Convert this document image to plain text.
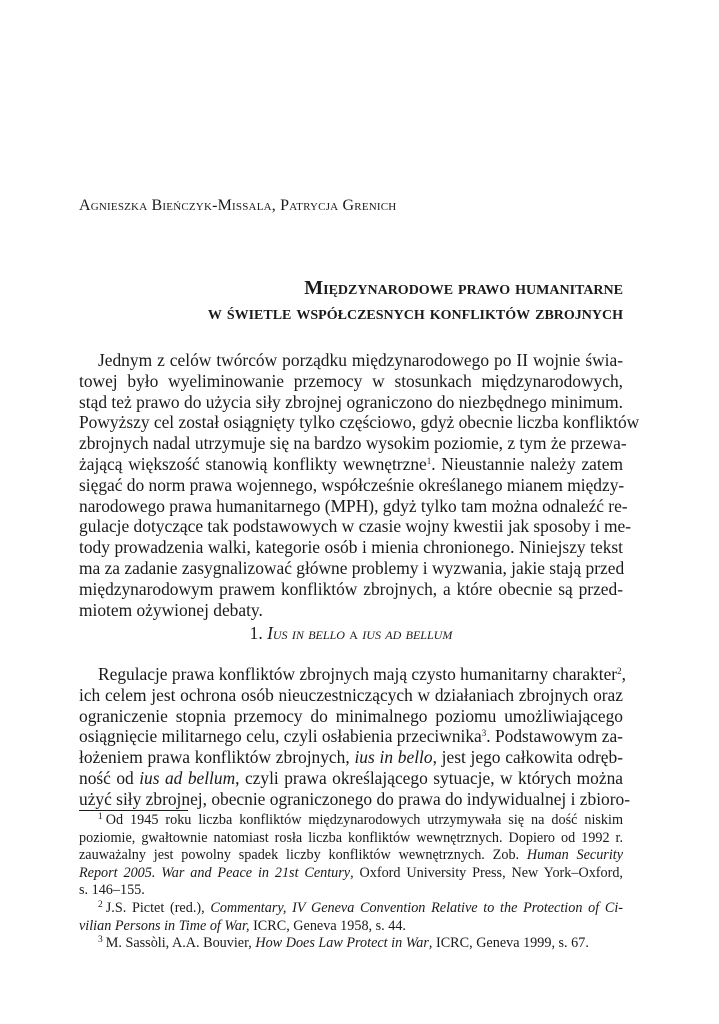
Agnieszka Bieńczyk-Missala, Patrycja Grenich
Międzynarodowe prawo humanitarne
w świetle współczesnych konfliktów zbrojnych
Jednym z celów twórców porządku międzynarodowego po II wojnie świa-
towej było wyeliminowanie przemocy w stosunkach międzynarodowych,
stąd też prawo do użycia siły zbrojnej ograniczono do niezbędnego minimum.
Powyższy cel został osiągnięty tylko częściowo, gdyż obecnie liczba konfliktów
zbrojnych nadal utrzymuje się na bardzo wysokim poziomie, z tym że przewa-
żającą większość stanowią konflikty wewnętrzne$^1$. Nieustannie należy zatem
sięgać do norm prawa wojennego, współcześnie określanego mianem między-
narodowego prawa humanitarnego (MPH), gdyż tylko tam można odnaleźć re-
gulacje dotyczące tak podstawowych w czasie wojny kwestii jak sposoby i me-
tody prowadzenia walki, kategorie osób i mienia chronionego. Niniejszy tekst
ma za zadanie zasygnalizować główne problemy i wyzwania, jakie stają przed
międzynarodowym prawem konfliktów zbrojnych, a które obecnie są przed-
miotem ożywionej debaty.
1. Ius in bello a ius ad bellum
Regulacje prawa konfliktów zbrojnych mają czysto humanitarny charakter$^2$,
ich celem jest ochrona osób nieuczestniczących w działaniach zbrojnych oraz
ograniczenie stopnia przemocy do minimalnego poziomu umożliwiającego
osiągnięcie militarnego celu, czyli osłabienia przeciwnika$^3$. Podstawowym za-
łożeniem prawa konfliktów zbrojnych, ius in bello, jest jego całkowita odręb-
ność od ius ad bellum, czyli prawa określającego sytuacje, w których można
użyć siły zbrojnej, obecnie ograniczonego do prawa do indywidualnej i zbioro-
$^1$ Od 1945 roku liczba konfliktów międzynarodowych utrzymywała się na dość niskim
poziomie, gwałtownie natomiast rosła liczba konfliktów wewnętrznych. Dopiero od 1992 r.
zauważalny jest powolny spadek liczby konfliktów wewnętrznych. Zob. Human Security
Report 2005. War and Peace in 21st Century, Oxford University Press, New York–Oxford,
s. 146–155.
$^2$ J.S. Pictet (red.), Commentary, IV Geneva Convention Relative to the Protection of Ci-
vilian Persons in Time of War, ICRC, Geneva 1958, s. 44.
$^3$ M. Sassòli, A.A. Bouvier, How Does Law Protect in War, ICRC, Geneva 1999, s. 67.
